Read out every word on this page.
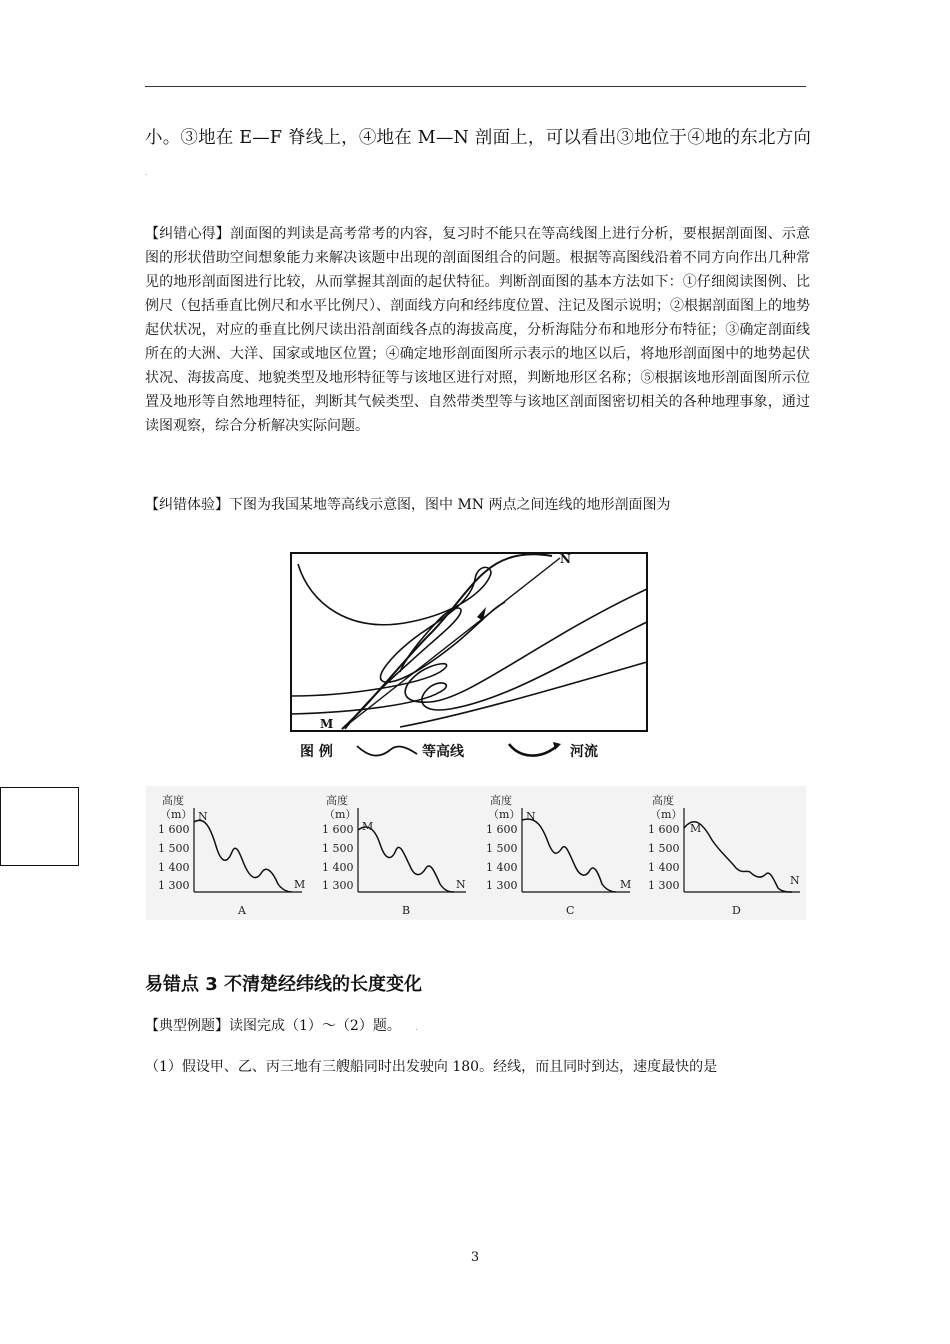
小。③地在 E—F 脊线上，④地在 M—N 剖面上，可以看出③地位于④地的东北方向
.
【纠错心得】剖面图的判读是高考常考的内容，复习时不能只在等高线图上进行分析，要根据剖面图、示意图的形状借助空间想象能力来解决该题中出现的剖面图组合的问题。根据等高图线沿着不同方向作出几种常见的地形剖面图进行比较，从而掌握其剖面的起伏特征。判断剖面图的基本方法如下：①仔细阅读图例、比例尺（包括垂直比例尺和水平比例尺）、剖面线方向和经纬度位置、注记及图示说明；②根据剖面图上的地势起伏状况，对应的垂直比例尺读出沿剖面线各点的海拔高度，分析海陆分布和地形分布特征；③确定剖面线所在的大洲、大洋、国家或地区位置；④确定地形剖面图所示表示的地区以后，将地形剖面图中的地势起伏状况、海拔高度、地貌类型及地形特征等与该地区进行对照，判断地形区名称；⑤根据该地形剖面图所示位置及地形等自然地理特征，判断其气候类型、自然带类型等与该地区剖面图密切相关的各种地理事象，通过读图观察，综合分析解决实际问题。
【纠错体验】下图为我国某地等高线示意图，图中 MN 两点之间连线的地形剖面图为
N
M
图 例	等高线	河流
高度
（m）
1 600
1 500
1 400
1 300
N
M
A
高度
（m）
1 600
1 500
1 400
1 300
M
N
B
高度
（m）
1 600
1 500
1 400
1 300
N
M
C
高度
（m）
1 600
1 500
1 400
1 300
M
N
D
易错点 3 不清楚经纬线的长度变化
【典型例题】读图完成（1）～（2）题。 .
（1）假设甲、乙、丙三地有三艘船同时出发驶向 180。经线，而且同时到达，速度最快的是
3
